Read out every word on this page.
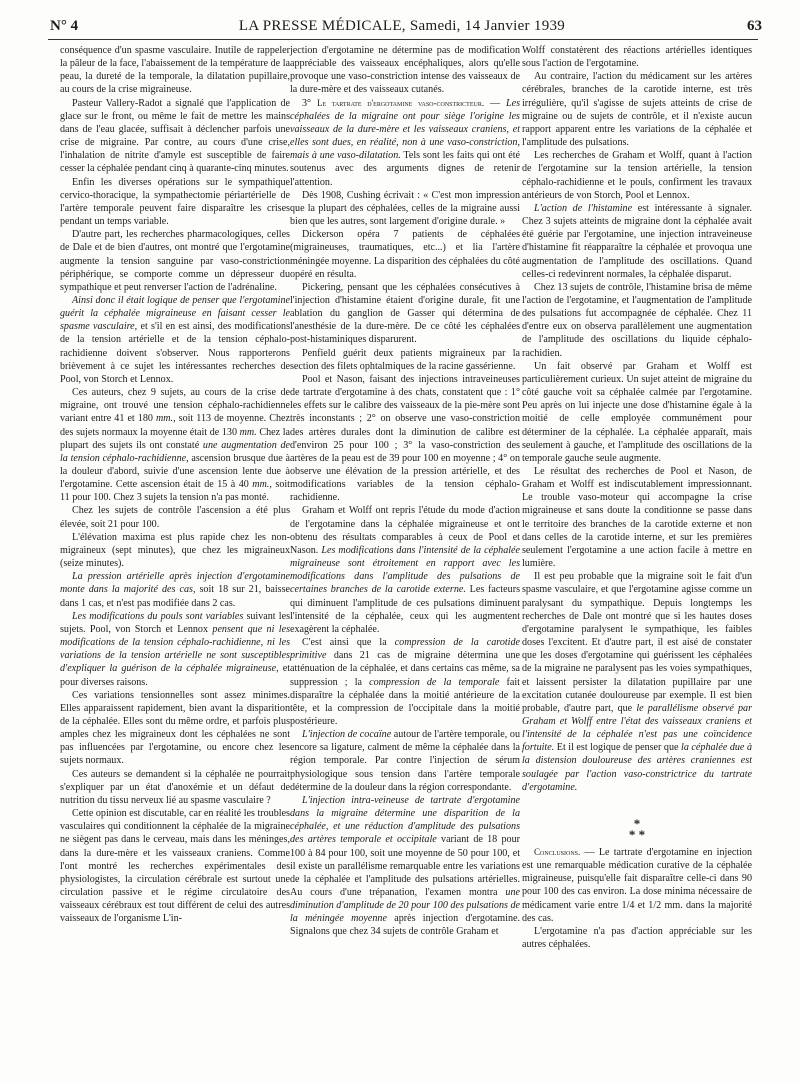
N° 4	LA PRESSE MÉDICALE, Samedi, 14 Janvier 1939	63

conséquence d'un spasme vasculaire. Inutile de rappeler la pâleur de la face, l'abaissement de la température de la peau, la dureté de la temporale, la dilatation pupillaire, au cours de la crise migraineuse.

Pasteur Vallery-Radot a signalé que l'application de glace sur le front, ou même le fait de mettre les mains dans de l'eau glacée, suffisait à déclencher parfois une crise de migraine. Par contre, au cours d'une crise, l'inhalation de nitrite d'amyle est susceptible de faire cesser la céphalée pendant cinq à quarante-cinq minutes.

Enfin les diverses opérations sur le sympathique cervico-thoracique, la sympathectomie périartérielle de l'artère temporale peuvent faire disparaître les crises pendant un temps variable.

D'autre part, les recherches pharmacologiques, celles de Dale et de bien d'autres, ont montré que l'ergotamine augmente la tension sanguine par vaso-constriction périphérique, se comporte comme un dépresseur du sympathique et peut renverser l'action de l'adrénaline.

Ainsi donc il était logique de penser que l'ergotamine guérit la céphalée migraineuse en faisant cesser le spasme vasculaire, et s'il en est ainsi, des modifications de la tension artérielle et de la tension céphalo-rachidienne doivent s'observer. Nous rapporterons brièvement à ce sujet les intéressantes recherches de Pool, von Storch et Lennox.

Ces auteurs, chez 9 sujets, au cours de la crise de migraine, ont trouvé une tension céphalo-rachidienne variant entre 41 et 180 mm., soit 113 de moyenne. Chez des sujets normaux la moyenne était de 130 mm. Chez la plupart des sujets ils ont constaté une augmentation de la tension céphalo-rachidienne, ascension brusque due à la douleur d'abord, suivie d'une ascension lente due à l'ergotamine. Cette ascension était de 15 à 40 mm., soit 11 pour 100. Chez 3 sujets la tension n'a pas monté.

Chez les sujets de contrôle l'ascension a été plus élevée, soit 21 pour 100.

L'élévation maxima est plus rapide chez les non-migraineux (sept minutes), que chez les migraineux (seize minutes).

La pression artérielle après injection d'ergotamine monte dans la majorité des cas, soit 18 sur 21, baisse dans 1 cas, et n'est pas modifiée dans 2 cas.

Les modifications du pouls sont variables suivant les sujets. Pool, von Storch et Lennox pensent que ni les modifications de la tension céphalo-rachidienne, ni les variations de la tension artérielle ne sont susceptibles d'expliquer la guérison de la céphalée migraineuse, et pour diverses raisons.

Ces variations tensionnelles sont assez minimes. Elles apparaissent rapidement, bien avant la disparition de la céphalée. Elles sont du même ordre, et parfois plus amples chez les migraineux dont les céphalées ne sont pas influencées par l'ergotamine, ou encore chez les sujets normaux.

Ces auteurs se demandent si la céphalée ne pourrait s'expliquer par un état d'anoxémie et un défaut de nutrition du tissu nerveux lié au spasme vasculaire ?

Cette opinion est discutable, car en réalité les troubles vasculaires qui conditionnent la céphalée de la migraine ne siègent pas dans le cerveau, mais dans les méninges, dans la dure-mère et les vaisseaux craniens. Comme l'ont montré les recherches expérimentales des physiologistes, la circulation cérébrale est surtout une circulation passive et le régime circulatoire des vaisseaux cérébraux est tout différent de celui des autres vaisseaux de l'organisme L'in-

jection d'ergotamine ne détermine pas de modification appréciable des vaisseaux encéphaliques, alors qu'elle provoque une vaso-constriction intense des vaisseaux de la dure-mère et des vaisseaux cutanés.

3° Le tartrate d'ergotamine vaso-constricteur. — Les céphalées de la migraine ont pour siège l'origine les vaisseaux de la dure-mère et les vaisseaux craniens, et elles sont dues, en réalité, non à une vaso-constriction, mais à une vaso-dilatation. Tels sont les faits qui ont été soutenus avec des arguments dignes de retenir l'attention.

Dès 1908, Cushing écrivait : « C'est mon impression que la plupart des céphalées, celles de la migraine aussi bien que les autres, sont largement d'origine durale. »

Dickerson opéra 7 patients de céphalées (migraineuses, traumatiques, etc...) et lia l'artère méningée moyenne. La disparition des céphalées du côté opéré en résulta.

Pickering, pensant que les céphalées consécutives à l'injection d'histamine étaient d'origine durale, fit une ablation du ganglion de Gasser qui détermina de l'anesthésie de la dure-mère. De ce côté les céphalées post-histaminiques disparurent.

Penfield guérit deux patients migraineux par la section des filets ophtalmiques de la racine gassérienne.

Pool et Nason, faisant des injections intraveineuses de tartrate d'ergotamine à des chats, constatent que : 1° les effets sur le calibre des vaisseaux de la pie-mère sont très inconstants ; 2° on observe une vaso-constriction des artères durales dont la diminution de calibre est d'environ 25 pour 100 ; 3° la vaso-constriction des artères de la peau est de 39 pour 100 en moyenne ; 4° on observe une élévation de la pression artérielle, et des modifications variables de la tension céphalo-rachidienne.

Graham et Wolff ont repris l'étude du mode d'action de l'ergotamine dans la céphalée migraineuse et ont obtenu des résultats comparables à ceux de Pool et Nason. Les modifications dans l'intensité de la céphalée migraineuse sont étroitement en rapport avec les modifications dans l'amplitude des pulsations de certaines branches de la carotide externe. Les facteurs qui diminuent l'amplitude de ces pulsations diminuent l'intensité de la céphalée, ceux qui les augmentent exagèrent la céphalée.

C'est ainsi que la compression de la carotide primitive dans 21 cas de migraine détermina une atténuation de la céphalée, et dans certains cas même, sa suppression ; la compression de la temporale fait disparaître la céphalée dans la moitié antérieure de la tête, et la compression de l'occipitale dans la moitié postérieure.

L'injection de cocaïne autour de l'artère temporale, ou encore sa ligature, calment de même la céphalée dans la région temporale. Par contre l'injection de sérum physiologique sous tension dans l'artère temporale détermine de la douleur dans la région correspondante.

L'injection intra-veineuse de tartrate d'ergotamine dans la migraine détermine une disparition de la céphalée, et une réduction d'amplitude des pulsations des artères temporale et occipitale variant de 18 pour 100 à 84 pour 100, soit une moyenne de 50 pour 100, et il existe un parallélisme remarquable entre les variations de la céphalée et l'amplitude des pulsations artérielles. Au cours d'une trépanation, l'examen montra une diminution d'amplitude de 20 pour 100 des pulsations de la méningée moyenne après injection d'ergotamine. Signalons que chez 34 sujets de contrôle Graham et

Wolff constatèrent des réactions artérielles identiques sous l'action de l'ergotamine.

Au contraire, l'action du médicament sur les artères cérébrales, branches de la carotide interne, est très irrégulière, qu'il s'agisse de sujets atteints de crise de migraine ou de sujets de contrôle, et il n'existe aucun rapport apparent entre les variations de la céphalée et l'amplitude des pulsations.

Les recherches de Graham et Wolff, quant à l'action de l'ergotamine sur la tension artérielle, la tension céphalo-rachidienne et le pouls, confirment les travaux antérieurs de von Storch, Pool et Lennox.

L'action de l'histamine est intéressante à signaler. Chez 3 sujets atteints de migraine dont la céphalée avait été guérie par l'ergotamine, une injection intraveineuse d'histamine fit réapparaître la céphalée et provoqua une augmentation de l'amplitude des oscillations. Quand celles-ci redevinrent normales, la céphalée disparut.

Chez 13 sujets de contrôle, l'histamine brisa de même l'action de l'ergotamine, et l'augmentation de l'amplitude des pulsations fut accompagnée de céphalée. Chez 11 d'entre eux on observa parallèlement une augmentation de l'amplitude des oscillations du liquide céphalo-rachidien.

Un fait observé par Graham et Wolff est particulièrement curieux. Un sujet atteint de migraine du côté gauche voit sa céphalée calmée par l'ergotamine. Peu après on lui injecte une dose d'histamine égale à la moitié de celle employée communément pour déterminer de la céphalée. La céphalée apparaît, mais seulement à gauche, et l'amplitude des oscillations de la temporale gauche seule augmente.

Le résultat des recherches de Pool et Nason, de Graham et Wolff est indiscutablement impressionnant. Le trouble vaso-moteur qui accompagne la crise migraineuse et sans doute la conditionne se passe dans le territoire des branches de la carotide externe et non dans celles de la carotide interne, et sur les premières seulement l'ergotamine a une action facile à mettre en lumière.

Il est peu probable que la migraine soit le fait d'un spasme vasculaire, et que l'ergotamine agisse comme un paralysant du sympathique. Depuis longtemps les recherches de Dale ont montré que si les hautes doses d'ergotamine paralysent le sympathique, les faibles doses l'excitent. Et d'autre part, il est aisé de constater que les doses d'ergotamine qui guérissent les céphalées de la migraine ne paralysent pas les voies sympathiques, et laissent persister la dilatation pupillaire par une excitation cutanée douloureuse par exemple. Il est bien probable, d'autre part, que le parallélisme observé par Graham et Wolff entre l'état des vaisseaux craniens et l'intensité de la céphalée n'est pas une coïncidence fortuite. Et il est logique de penser que la céphalée due à la distension douloureuse des artères craniennes est soulagée par l'action vaso-constrictrice du tartrate d'ergotamine.

*
* *

Conclusions. — Le tartrate d'ergotamine en injection est une remarquable médication curative de la céphalée migraineuse, puisqu'elle fait disparaître celle-ci dans 90 pour 100 des cas environ. La dose minima nécessaire de médicament varie entre 1/4 et 1/2 mm. dans la majorité des cas.

L'ergotamine n'a pas d'action appréciable sur les autres céphalées.
